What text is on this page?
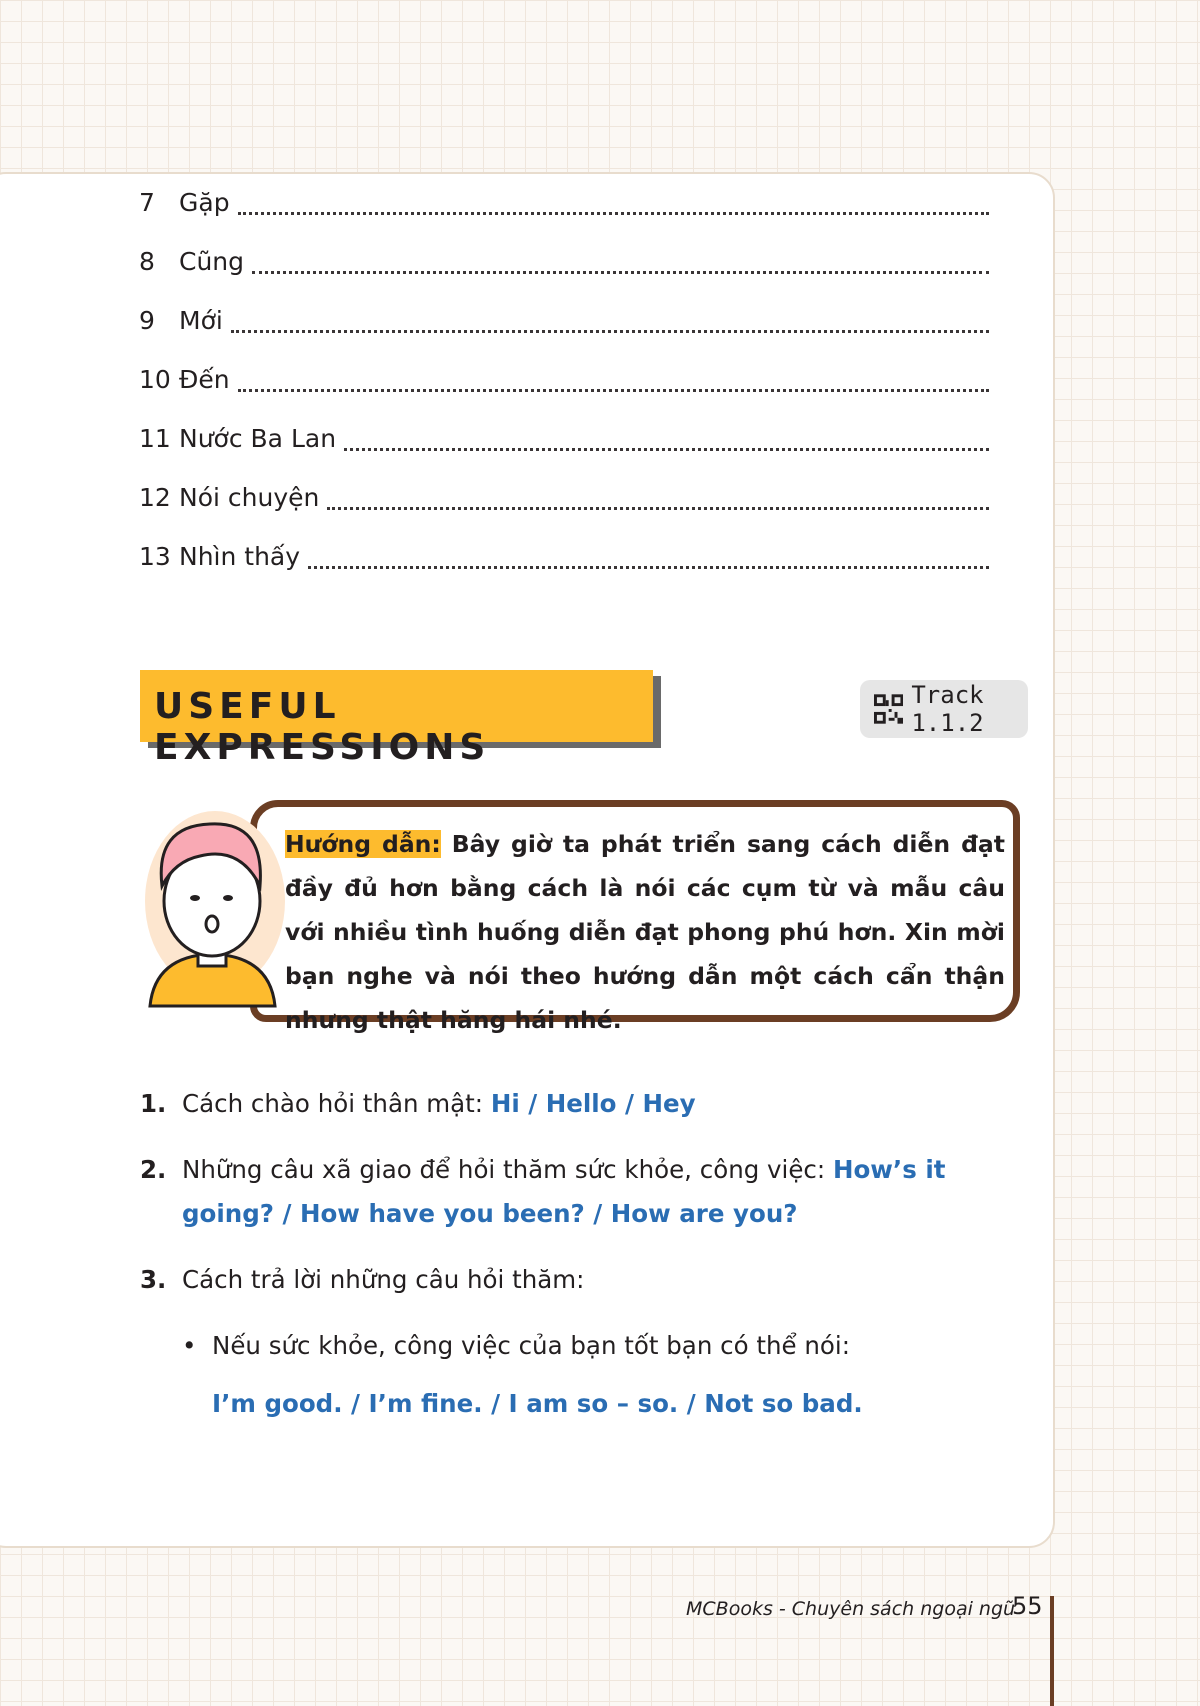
7 Gặp
8 Cũng
9 Mới
10 Đến
11 Nước Ba Lan
12 Nói chuyện
13 Nhìn thấy
USEFUL EXPRESSIONS
Track 1.1.2
Hướng dẫn: Bây giờ ta phát triển sang cách diễn đạt đầy đủ hơn bằng cách là nói các cụm từ và mẫu câu với nhiều tình huống diễn đạt phong phú hơn. Xin mời bạn nghe và nói theo hướng dẫn một cách cẩn thận nhưng thật hăng hái nhé.
1. Cách chào hỏi thân mật: Hi / Hello / Hey
2. Những câu xã giao để hỏi thăm sức khỏe, công việc: How’s it going? / How have you been? / How are you?
3. Cách trả lời những câu hỏi thăm:
• Nếu sức khỏe, công việc của bạn tốt bạn có thể nói:
I’m good. / I’m fine. / I am so – so. / Not so bad.
MCBooks - Chuyên sách ngoại ngữ
55
